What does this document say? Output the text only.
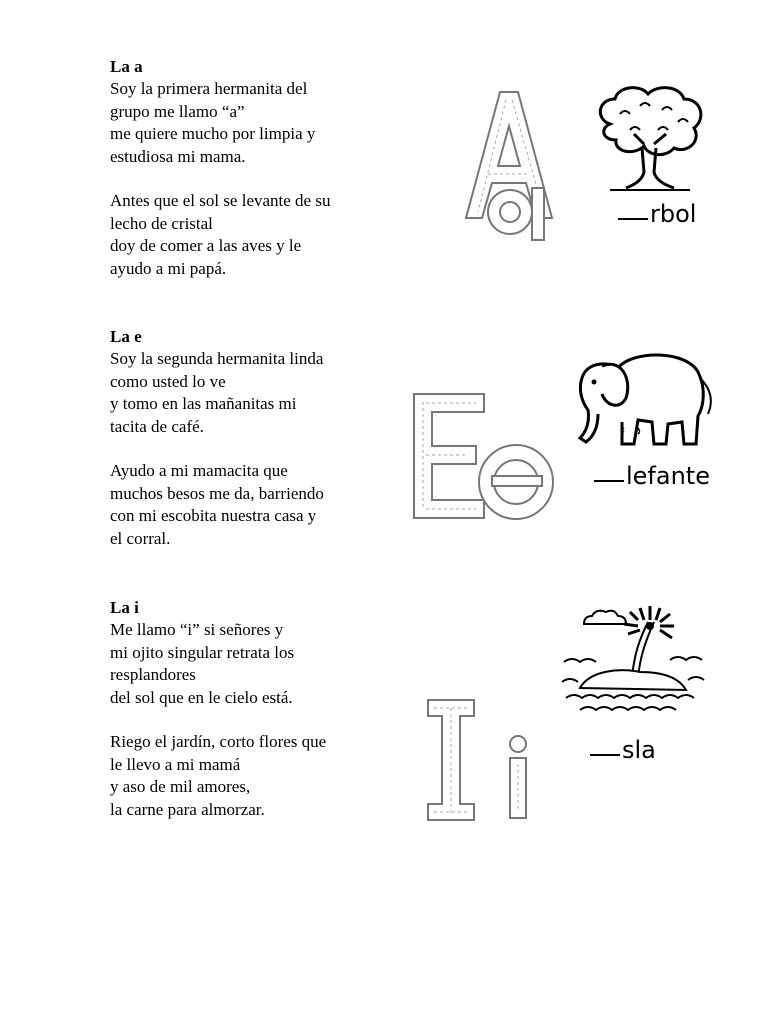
La a

Soy la primera hermanita del
grupo me llamo “a”
me quiere mucho por limpia y
estudiosa mi mama.

Antes que el sol se levante de su
lecho de cristal
doy de comer a las aves y le
ayudo a mi papá.

rbol

La e

Soy la segunda hermanita linda
como usted lo ve
y tomo en las mañanitas mi
tacita de café.

Ayudo a mi mamacita que
muchos besos me da, barriendo
con mi escobita nuestra casa y
el corral.

lefante

La i

Me llamo “i” si señores y
mi ojito singular retrata los
resplandores
del sol que en le cielo está.

Riego el jardín, corto flores que
le llevo a mi mamá
y aso de mil amores,
la carne para almorzar.

sla
